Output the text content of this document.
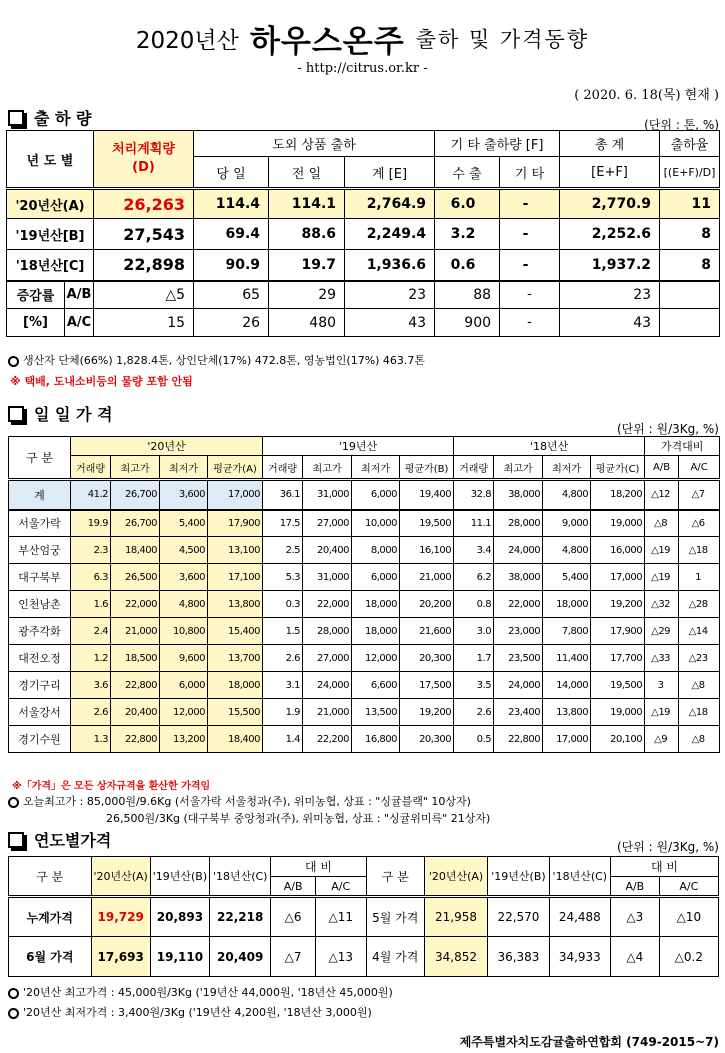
2020년산 하우스온주 출하 및 가격동향
- http://citrus.or.kr -
( 2020. 6. 18(목) 현재 )
출 하 량	(단위 : 톤, %)
년 도 별		처리계획량
(D)	도외 상품 출하			기 타 출하량 [F]		총 계	출하율
			당 일	전 일	계 [E]	수 출	기 타	[E+F]	[(E+F)/D]
'20년산(A)		26,263	114.4	114.1	2,764.9	6.0	-	2,770.9	11
'19년산[B]		27,543	69.4	88.6	2,249.4	3.2	-	2,252.6	8
'18년산[C]		22,898	90.9	19.7	1,936.6	0.6	-	1,937.2	8
증감률	A/B	△5	65	29	23	88	-	23	
[%]	A/C	15	26	480	43	900	-	43	
생산자 단체(66%) 1,828.4톤, 상인단체(17%) 472.8톤, 영농법인(17%) 463.7톤
※ 택배, 도내소비등의 물량 포함 안됨
일 일 가 격
(단위 : 원/3Kg, %)
구 분	'20년산				'19년산				'18년산				가격대비	
	거래량	최고가	최저가	평균가(A)	거래량	최고가	최저가	평균가(B)	거래량	최고가	최저가	평균가(C)	A/B	A/C
계	41.2	26,700	3,600	17,000	36.1	31,000	6,000	19,400	32.8	38,000	4,800	18,200	△12	△7
서울가락	19.9	26,700	5,400	17,900	17.5	27,000	10,000	19,500	11.1	28,000	9,000	19,000	△8	△6
부산엄궁	2.3	18,400	4,500	13,100	2.5	20,400	8,000	16,100	3.4	24,000	4,800	16,000	△19	△18
대구북부	6.3	26,500	3,600	17,100	5.3	31,000	6,000	21,000	6.2	38,000	5,400	17,000	△19	1
인천남촌	1.6	22,000	4,800	13,800	0.3	22,000	18,000	20,200	0.8	22,000	18,000	19,200	△32	△28
광주각화	2.4	21,000	10,800	15,400	1.5	28,000	18,000	21,600	3.0	23,000	7,800	17,900	△29	△14
대전오정	1.2	18,500	9,600	13,700	2.6	27,000	12,000	20,300	1.7	23,500	11,400	17,700	△33	△23
경기구리	3.6	22,800	6,000	18,000	3.1	24,000	6,600	17,500	3.5	24,000	14,000	19,500	3	△8
서울강서	2.6	20,400	12,000	15,500	1.9	21,000	13,500	19,200	2.6	23,400	13,800	19,000	△19	△18
경기수원	1.3	22,800	13,200	18,400	1.4	22,200	16,800	20,300	0.5	22,800	17,000	20,100	△9	△8
※「가격」은 모든 상자규격을 환산한 가격임
오늘최고가 : 85,000원/9.6Kg (서울가락 서울청과(주), 위미농협, 상표 : "싱귤블랙" 10상자)
26,500원/3Kg (대구북부 중앙청과(주), 위미농협, 상표 : "싱귤위미륵" 21상자)
연도별가격	(단위 : 원/3Kg, %)
구 분	'20년산(A)	'19년산(B)	'18년산(C)	대 비		구 분	'20년산(A)	'19년산(B)	'18년산(C)	대 비	
				A/B	A/C					A/B	A/C
누계가격	19,729	20,893	22,218	△6	△11	5월 가격	21,958	22,570	24,488	△3	△10
6월 가격	17,693	19,110	20,409	△7	△13	4월 가격	34,852	36,383	34,933	△4	△0.2
'20년산 최고가격 : 45,000원/3Kg ('19년산 44,000원, '18년산 45,000원)
'20년산 최저가격 : 3,400원/3Kg ('19년산 4,200원, '18년산 3,000원)
제주특별자치도감귤출하연합회 (749-2015~7)
